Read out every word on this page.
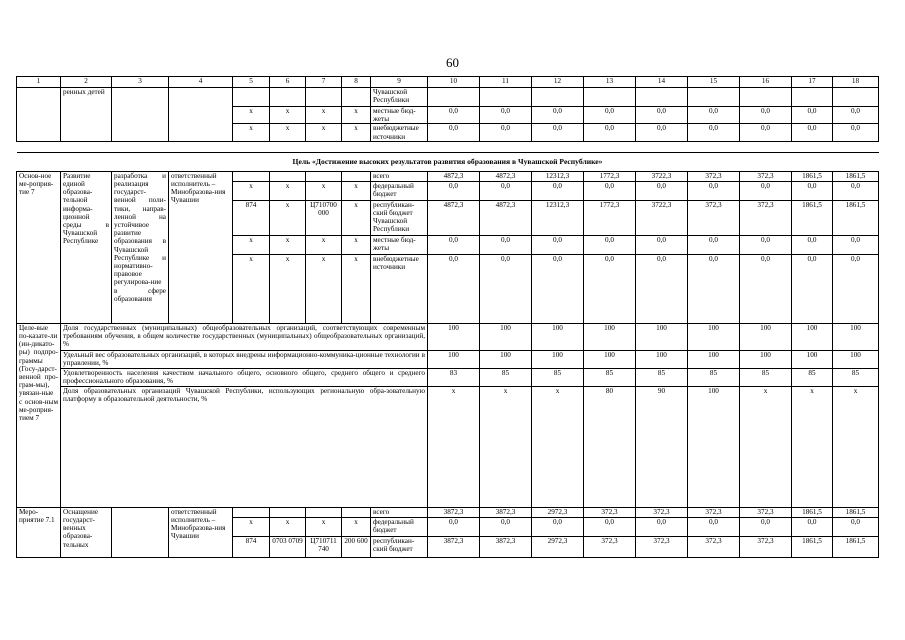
60
1	2	3	4	5	6	7	8	9	10	11	12	13	14	15	16	17	18
	ренных детей							Чувашской Республики									
				x	x	x	x	местные бюд-жеты	0,0	0,0	0,0	0,0	0,0	0,0	0,0	0,0	0,0
				x	x	x	x	внебюджетные источники	0,0	0,0	0,0	0,0	0,0	0,0	0,0	0,0	0,0

Цель «Достижение высоких результатов развития образования в Чувашской Республике»																	
Основ-ное ме-роприя-тие 7	Развитие единой образова-тельной информа-ционной среды в Чувашской Республике	разработка и реализация государст-венной поли-тики, направ-ленной на устойчивое развитие образования в Чувашской Республике и нормативно-правовое регулирова-ние в сфере образования	ответственный исполнитель – Минобразова-ния Чувашии					всего	4872,3	4872,3	12312,3	1772,3	3722,3	372,3	372,3	1861,5	1861,5
				x	x	x	x	федеральный бюджет	0,0	0,0	0,0	0,0	0,0	0,0	0,0	0,0	0,0
				874	x	Ц710700 000	x	республикан-ский бюджет Чувашской Республики	4872,3	4872,3	12312,3	1772,3	3722,3	372,3	372,3	1861,5	1861,5
				x	x	x	x	местные бюд-жеты	0,0	0,0	0,0	0,0	0,0	0,0	0,0	0,0	0,0
				x	x	x	x	внебюджетные источники	0,0	0,0	0,0	0,0	0,0	0,0	0,0	0,0	0,0
Целе-вые по-казате-ли (ин-дикато-ры) подпро-граммы (Госу-дарст-венной про-грам-мы), увязан-ные с основ-ным ме-роприя-тием 7	Доля государственных (муниципальных) общеобразовательных организаций, соответствующих современным требованиям обучения, в общем количестве государственных (муниципальных) общеобразовательных организаций, %								100	100	100	100	100	100	100	100	100
	Удельный вес образовательных организаций, в которых внедрены информационно-коммуника-ционные технологии в управлении, %								100	100	100	100	100	100	100	100	100
	Удовлетворенность населения качеством начального общего, основного общего, среднего общего и среднего профессионального образования, %								83	85	85	85	85	85	85	85	85
	Доля образовательных организаций Чувашской Республики, использующих региональную обра-зовательную платформу в образовательной деятельности, %								x	x	x	80	90	100	x	x	x
Меро-приятие 7.1	Оснащение государст-венных образова-тельных		ответственный исполнитель – Минобразова-ния Чувашии					всего	3872,3	3872,3	2972,3	372,3	372,3	372,3	372,3	1861,5	1861,5
				x	x	x	x	федеральный бюджет	0,0	0,0	0,0	0,0	0,0	0,0	0,0	0,0	0,0
				874	0703 0709	Ц710711 740	200 600	республикан-ский бюджет	3872,3	3872,3	2972,3	372,3	372,3	372,3	372,3	1861,5	1861,5
